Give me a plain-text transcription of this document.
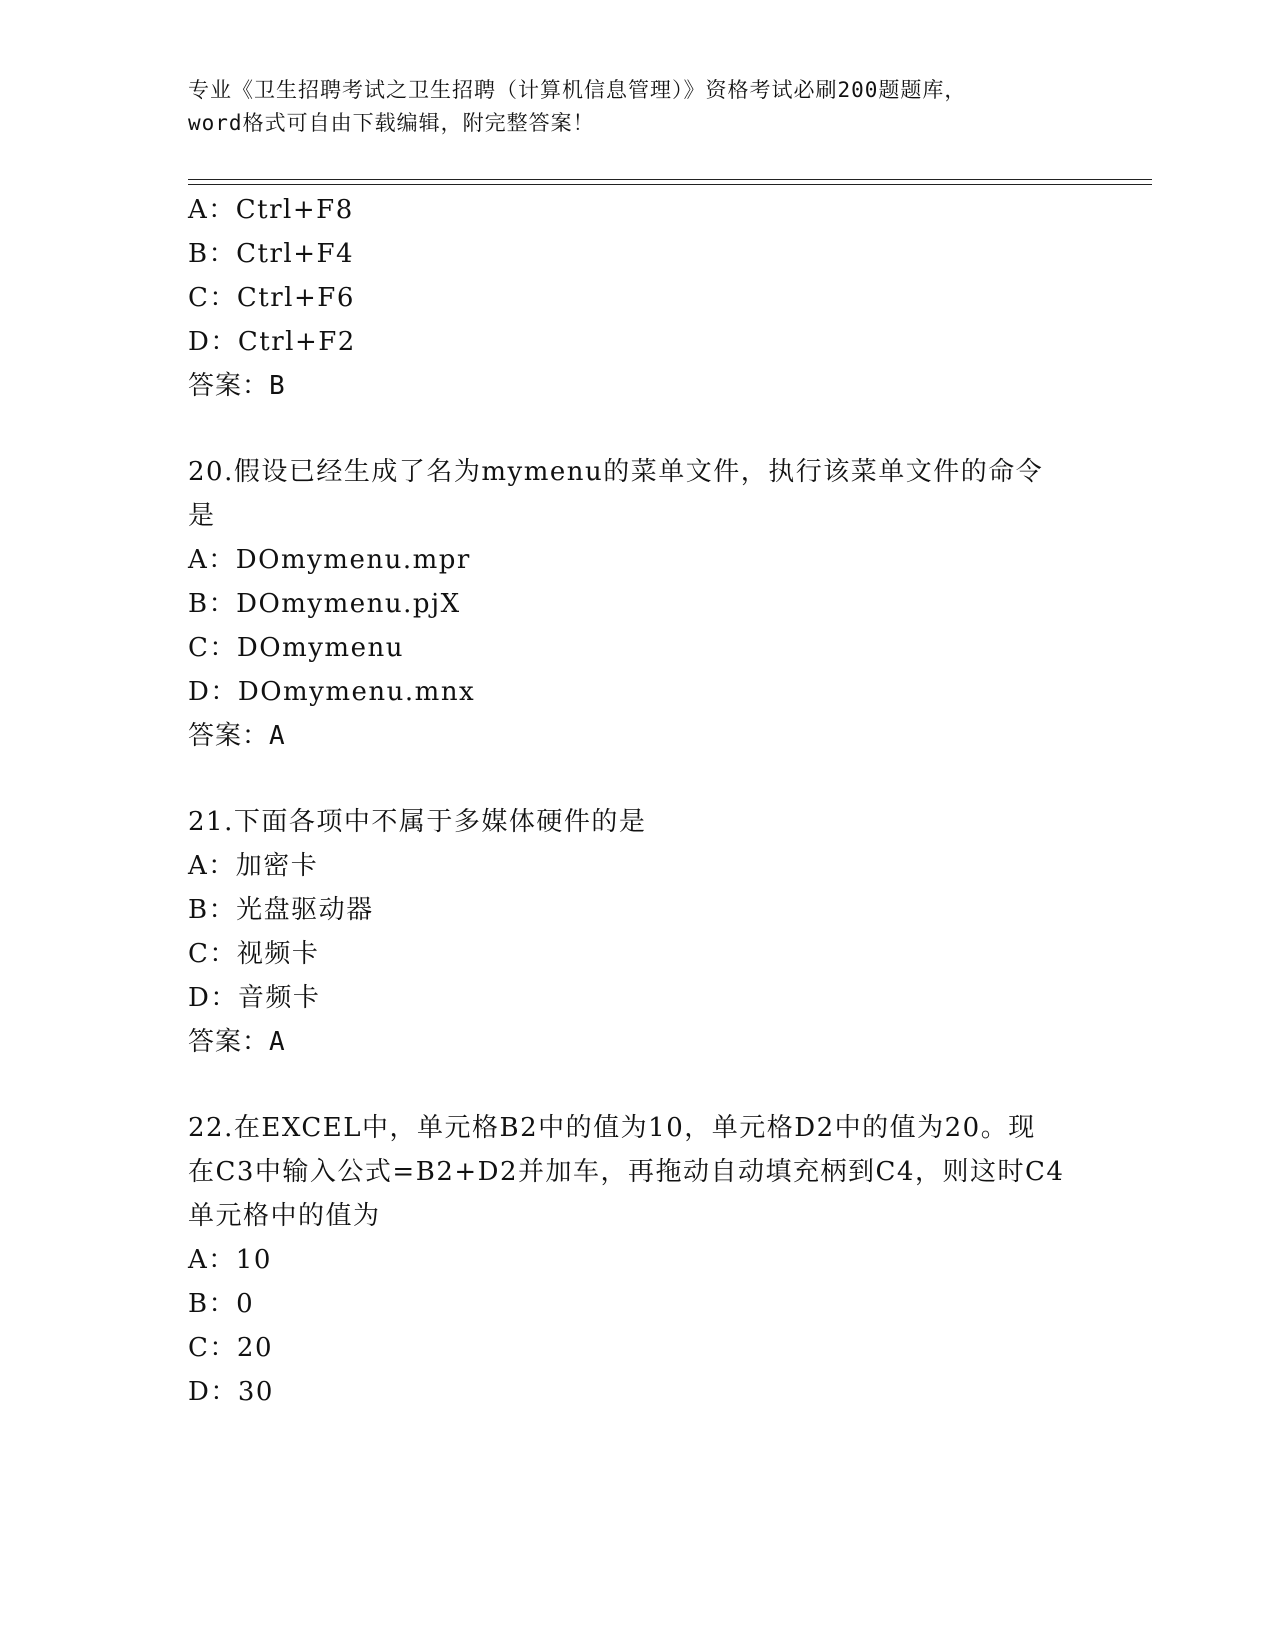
专业《卫生招聘考试之卫生招聘（计算机信息管理）》资格考试必刷200题题库，
word格式可自由下载编辑，附完整答案！
A：Ctrl+F8
B：Ctrl+F4
C：Ctrl+F6
D：Ctrl+F2
答案：B
20.假设已经生成了名为mymenu的菜单文件，执行该菜单文件的命令
是
A：DOmymenu.mpr
B：DOmymenu.pjX
C：DOmymenu
D：DOmymenu.mnx
答案：A
21.下面各项中不属于多媒体硬件的是
A：加密卡
B：光盘驱动器
C：视频卡
D：音频卡
答案：A
22.在EXCEL中，单元格B2中的值为10，单元格D2中的值为20。现
在C3中输入公式=B2+D2并加车，再拖动自动填充柄到C4，则这时C4
单元格中的值为
A：10
B：0
C：20
D：30
